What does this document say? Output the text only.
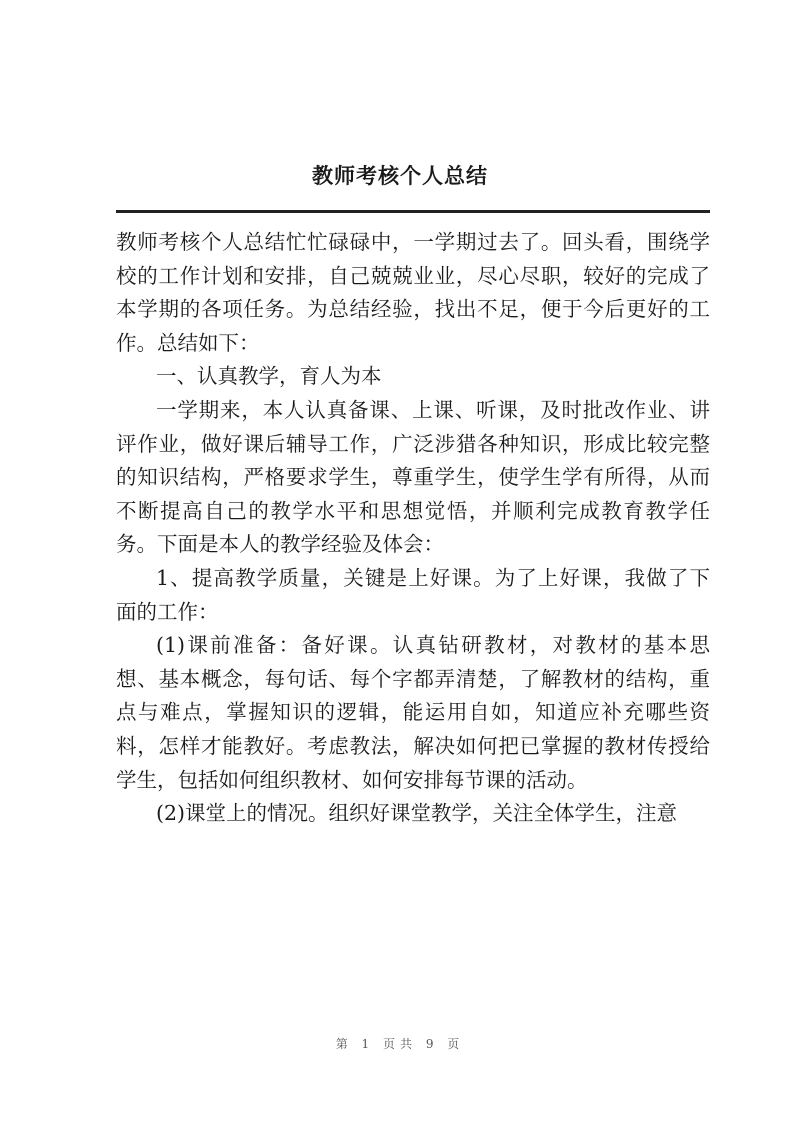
教师考核个人总结
教师考核个人总结忙忙碌碌中，一学期过去了。回头看，围绕学
校的工作计划和安排，自己兢兢业业，尽心尽职，较好的完成了
本学期的各项任务。为总结经验，找出不足，便于今后更好的工
作。总结如下：
一、认真教学，育人为本
一学期来，本人认真备课、上课、听课，及时批改作业、讲
评作业，做好课后辅导工作，广泛涉猎各种知识，形成比较完整
的知识结构，严格要求学生，尊重学生，使学生学有所得，从而
不断提高自己的教学水平和思想觉悟，并顺利完成教育教学任
务。下面是本人的教学经验及体会：
1、提高教学质量，关键是上好课。为了上好课，我做了下
面的工作：
(1)课前准备：备好课。认真钻研教材，对教材的基本思
想、基本概念，每句话、每个字都弄清楚，了解教材的结构，重
点与难点，掌握知识的逻辑，能运用自如，知道应补充哪些资
料，怎样才能教好。考虑教法，解决如何把已掌握的教材传授给
学生，包括如何组织教材、如何安排每节课的活动。
(2)课堂上的情况。组织好课堂教学，关注全体学生，注意
第 1 页共 9 页
